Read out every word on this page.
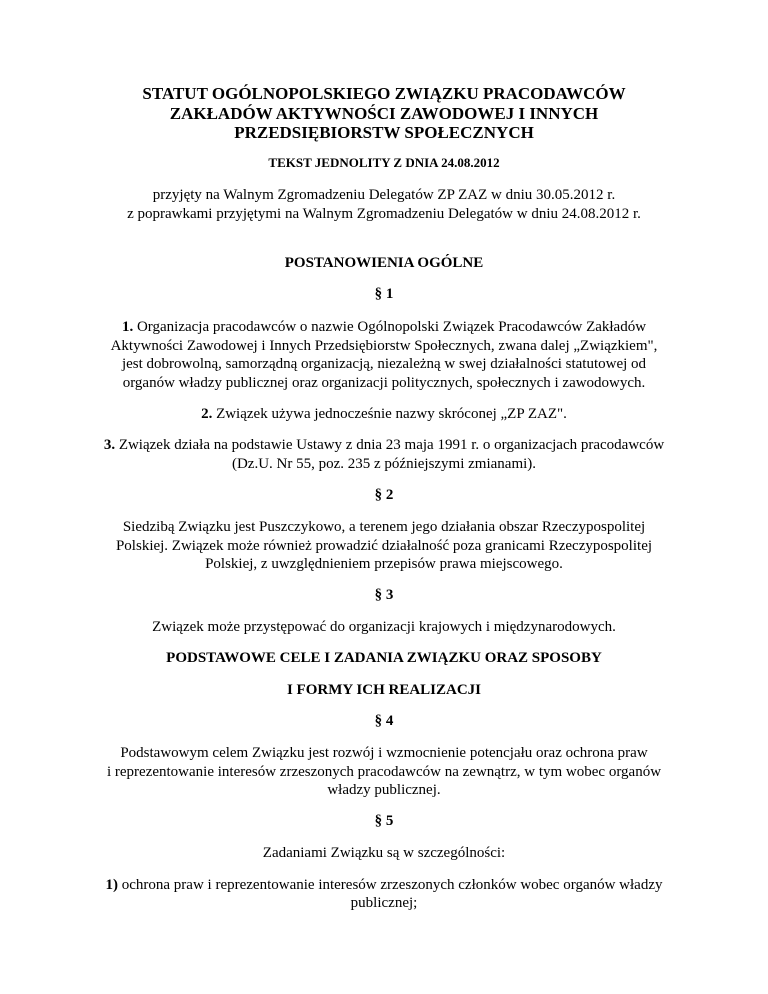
STATUT OGÓLNOPOLSKIEGO ZWIĄZKU PRACODAWCÓW
ZAKŁADÓW AKTYWNOŚCI ZAWODOWEJ I INNYCH
PRZEDSIĘBIORSTW SPOŁECZNYCH
TEKST JEDNOLITY Z DNIA 24.08.2012
przyjęty na Walnym Zgromadzeniu Delegatów ZP ZAZ w dniu 30.05.2012 r.
z poprawkami przyjętymi na Walnym Zgromadzeniu Delegatów w dniu 24.08.2012 r.
POSTANOWIENIA OGÓLNE
§ 1
1. Organizacja pracodawców o nazwie Ogólnopolski Związek Pracodawców Zakładów
Aktywności Zawodowej i Innych Przedsiębiorstw Społecznych, zwana dalej „Związkiem",
jest dobrowolną, samorządną organizacją, niezależną w swej działalności statutowej od
organów władzy publicznej oraz organizacji politycznych, społecznych i zawodowych.
2. Związek używa jednocześnie nazwy skróconej „ZP ZAZ".
3. Związek działa na podstawie Ustawy z dnia 23 maja 1991 r. o organizacjach pracodawców
(Dz.U. Nr 55, poz. 235 z późniejszymi zmianami).
§ 2
Siedzibą Związku jest Puszczykowo, a terenem jego działania obszar Rzeczypospolitej
Polskiej. Związek może również prowadzić działalność poza granicami Rzeczypospolitej
Polskiej, z uwzględnieniem przepisów prawa miejscowego.
§ 3
Związek może przystępować do organizacji krajowych i międzynarodowych.
PODSTAWOWE CELE I ZADANIA ZWIĄZKU ORAZ SPOSOBY
I FORMY ICH REALIZACJI
§ 4
Podstawowym celem Związku jest rozwój i wzmocnienie potencjału oraz ochrona praw
i reprezentowanie interesów zrzeszonych pracodawców na zewnątrz, w tym wobec organów
władzy publicznej.
§ 5
Zadaniami Związku są w szczególności:
1) ochrona praw i reprezentowanie interesów zrzeszonych członków wobec organów władzy
publicznej;
